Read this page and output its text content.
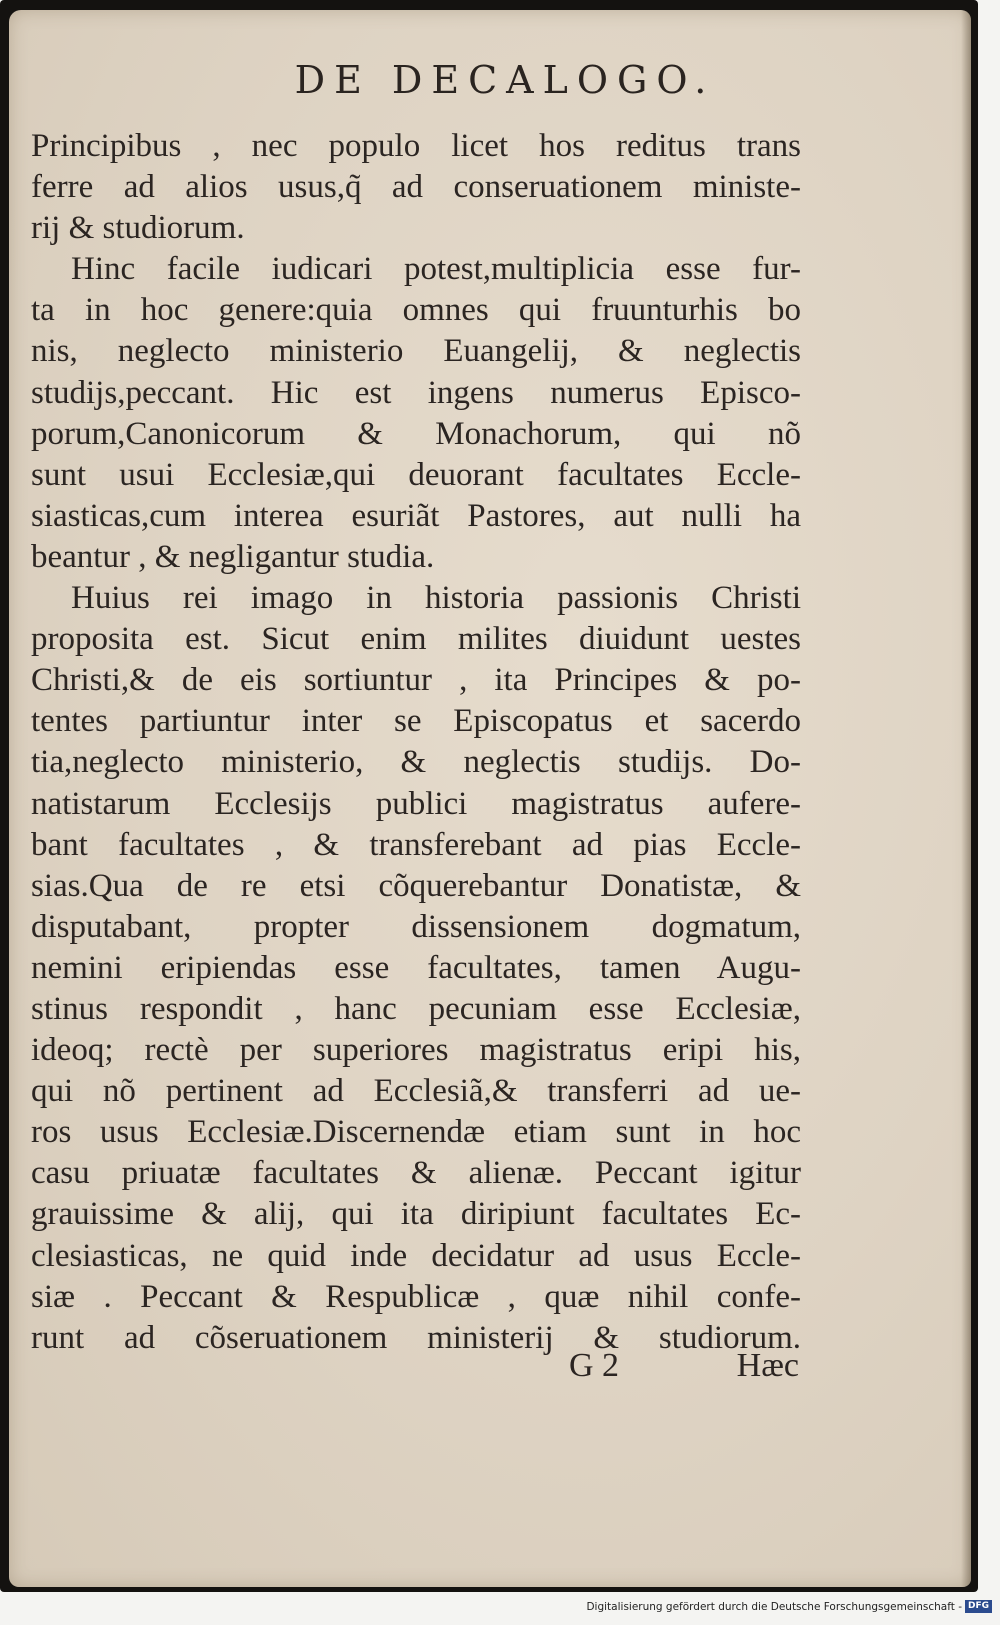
DE DECALOGO.
Principibus , nec populo licet hos reditus trans
ferre ad alios usus,q̃ ad conseruationem ministe-
rij & studiorum.
Hinc facile iudicari potest,multiplicia esse fur-
ta in hoc genere:quia omnes qui fruunturhis bo
nis, neglecto ministerio Euangelij, & neglectis
studijs,peccant. Hic est ingens numerus Episco-
porum,Canonicorum & Monachorum, qui nõ
sunt usui Ecclesiæ,qui deuorant facultates Eccle-
siasticas,cum interea esuriãt Pastores, aut nulli ha
beantur , & negligantur studia.
Huius rei imago in historia passionis Christi
proposita est. Sicut enim milites diuidunt uestes
Christi,& de eis sortiuntur , ita Principes & po-
tentes partiuntur inter se Episcopatus et sacerdo
tia,neglecto ministerio, & neglectis studijs. Do-
natistarum Ecclesijs publici magistratus aufere-
bant facultates , & transferebant ad pias Eccle-
sias.Qua de re etsi cõquerebantur Donatistæ, &
disputabant, propter dissensionem dogmatum,
nemini eripiendas esse facultates, tamen Augu-
stinus respondit , hanc pecuniam esse Ecclesiæ,
ideoq; rectè per superiores magistratus eripi his,
qui nõ pertinent ad Ecclesiã,& transferri ad ue-
ros usus Ecclesiæ.Discernendæ etiam sunt in hoc
casu priuatæ facultates & alienæ. Peccant igitur
grauissime & alij, qui ita diripiunt facultates Ec-
clesiasticas, ne quid inde decidatur ad usus Eccle-
siæ . Peccant & Respublicæ , quæ nihil confe-
runt ad cõseruationem ministerij & studiorum.
G 2	Hæc
Digitalisierung gefördert durch die Deutsche Forschungsgemeinschaft - DFG
